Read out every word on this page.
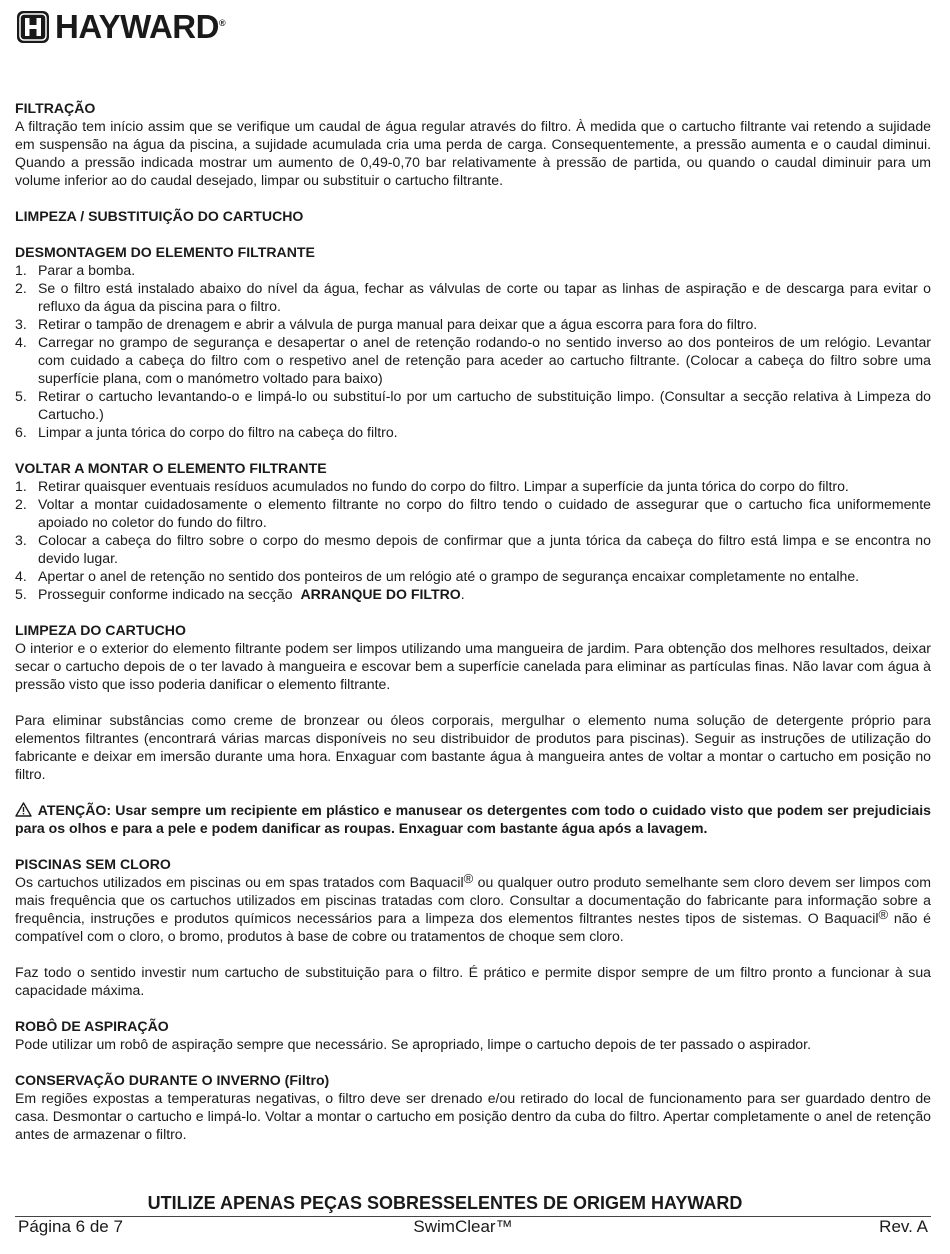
HAYWARD®

FILTRAÇÃO

A filtração tem início assim que se verifique um caudal de água regular através do filtro. À medida que o cartucho filtrante vai retendo a sujidade em suspensão na água da piscina, a sujidade acumulada cria uma perda de carga. Consequentemente, a pressão aumenta e o caudal diminui. Quando a pressão indicada mostrar um aumento de 0,49-0,70 bar relativamente à pressão de partida, ou quando o caudal diminuir para um volume inferior ao do caudal desejado, limpar ou substituir o cartucho filtrante.

LIMPEZA / SUBSTITUIÇÃO DO CARTUCHO

DESMONTAGEM DO ELEMENTO FILTRANTE

1. Parar a bomba.
2. Se o filtro está instalado abaixo do nível da água, fechar as válvulas de corte ou tapar as linhas de aspiração e de descarga para evitar o refluxo da água da piscina para o filtro.
3. Retirar o tampão de drenagem e abrir a válvula de purga manual para deixar que a água escorra para fora do filtro.
4. Carregar no grampo de segurança e desapertar o anel de retenção rodando-o no sentido inverso ao dos ponteiros de um relógio. Levantar com cuidado a cabeça do filtro com o respetivo anel de retenção para aceder ao cartucho filtrante. (Colocar a cabeça do filtro sobre uma superfície plana, com o manómetro voltado para baixo)
5. Retirar o cartucho levantando-o e limpá-lo ou substituí-lo por um cartucho de substituição limpo. (Consultar a secção relativa à Limpeza do Cartucho.)
6. Limpar a junta tórica do corpo do filtro na cabeça do filtro.

VOLTAR A MONTAR O ELEMENTO FILTRANTE

1. Retirar quaisquer eventuais resíduos acumulados no fundo do corpo do filtro. Limpar a superfície da junta tórica do corpo do filtro.
2. Voltar a montar cuidadosamente o elemento filtrante no corpo do filtro tendo o cuidado de assegurar que o cartucho fica uniformemente apoiado no coletor do fundo do filtro.
3. Colocar a cabeça do filtro sobre o corpo do mesmo depois de confirmar que a junta tórica da cabeça do filtro está limpa e se encontra no devido lugar.
4. Apertar o anel de retenção no sentido dos ponteiros de um relógio até o grampo de segurança encaixar completamente no entalhe.
5. Prosseguir conforme indicado na secção ARRANQUE DO FILTRO.

LIMPEZA DO CARTUCHO

O interior e o exterior do elemento filtrante podem ser limpos utilizando uma mangueira de jardim. Para obtenção dos melhores resultados, deixar secar o cartucho depois de o ter lavado à mangueira e escovar bem a superfície canelada para eliminar as partículas finas. Não lavar com água à pressão visto que isso poderia danificar o elemento filtrante.

Para eliminar substâncias como creme de bronzear ou óleos corporais, mergulhar o elemento numa solução de detergente próprio para elementos filtrantes (encontrará várias marcas disponíveis no seu distribuidor de produtos para piscinas). Seguir as instruções de utilização do fabricante e deixar em imersão durante uma hora. Enxaguar com bastante água à mangueira antes de voltar a montar o cartucho em posição no filtro.

ATENÇÃO: Usar sempre um recipiente em plástico e manusear os detergentes com todo o cuidado visto que podem ser prejudiciais para os olhos e para a pele e podem danificar as roupas. Enxaguar com bastante água após a lavagem.

PISCINAS SEM CLORO

Os cartuchos utilizados em piscinas ou em spas tratados com Baquacil® ou qualquer outro produto semelhante sem cloro devem ser limpos com mais frequência que os cartuchos utilizados em piscinas tratadas com cloro. Consultar a documentação do fabricante para informação sobre a frequência, instruções e produtos químicos necessários para a limpeza dos elementos filtrantes nestes tipos de sistemas. O Baquacil® não é compatível com o cloro, o bromo, produtos à base de cobre ou tratamentos de choque sem cloro.

Faz todo o sentido investir num cartucho de substituição para o filtro. É prático e permite dispor sempre de um filtro pronto a funcionar à sua capacidade máxima.

ROBÔ DE ASPIRAÇÃO

Pode utilizar um robô de aspiração sempre que necessário. Se apropriado, limpe o cartucho depois de ter passado o aspirador.

CONSERVAÇÃO DURANTE O INVERNO (Filtro)

Em regiões expostas a temperaturas negativas, o filtro deve ser drenado e/ou retirado do local de funcionamento para ser guardado dentro de casa. Desmontar o cartucho e limpá-lo. Voltar a montar o cartucho em posição dentro da cuba do filtro. Apertar completamente o anel de retenção antes de armazenar o filtro.

UTILIZE APENAS PEÇAS SOBRESSELENTES DE ORIGEM HAYWARD
Página 6 de 7	SwimClear™	Rev. A
